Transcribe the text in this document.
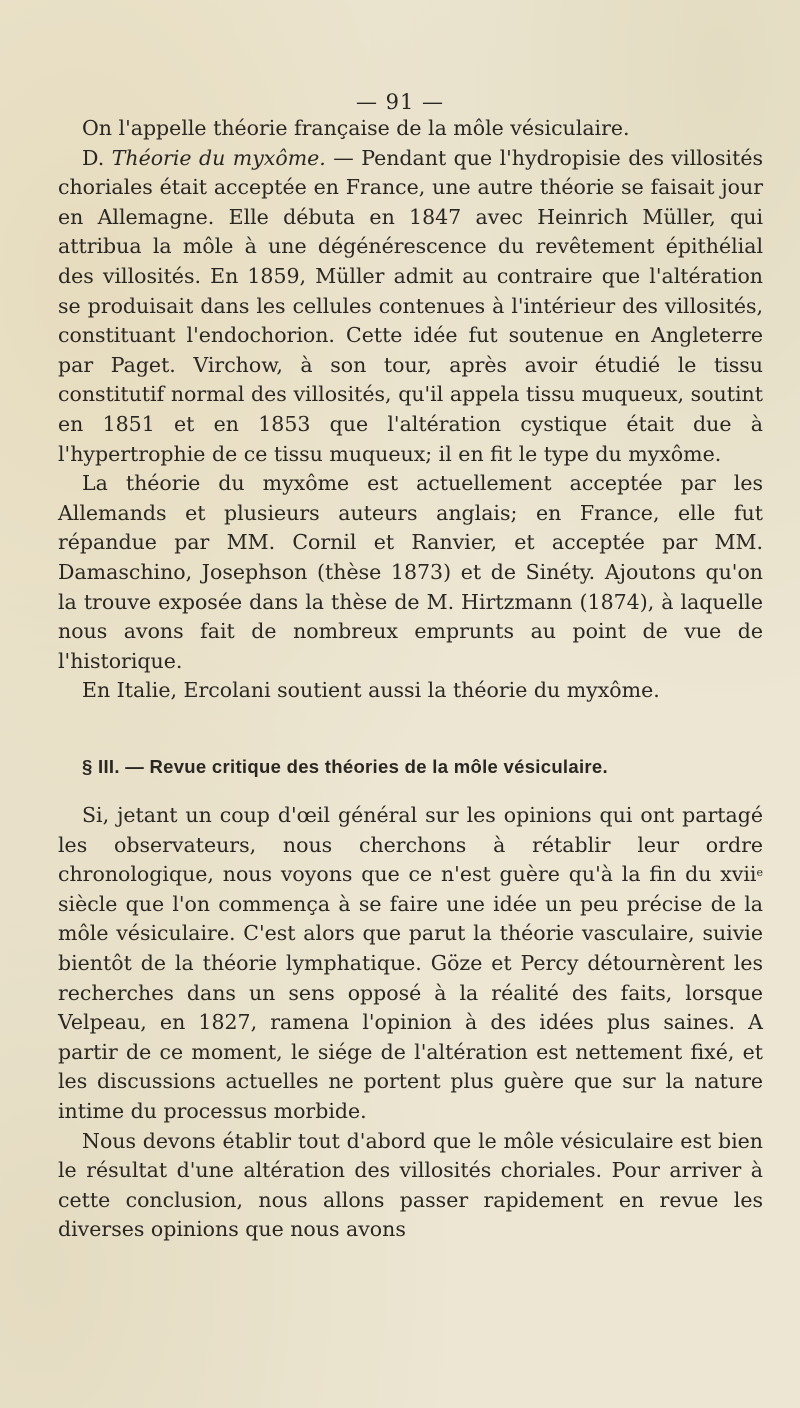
— 91 —

On l'appelle théorie française de la môle vésiculaire.

D. Théorie du myxôme. — Pendant que l'hydropisie des villosités choriales était acceptée en France, une autre théorie se faisait jour en Allemagne. Elle débuta en 1847 avec Heinrich Müller, qui attribua la môle à une dégénérescence du revêtement épithélial des villosités. En 1859, Müller admit au contraire que l'altération se produisait dans les cellules contenues à l'intérieur des villosités, constituant l'endochorion. Cette idée fut soutenue en Angleterre par Paget. Virchow, à son tour, après avoir étudié le tissu constitutif normal des villosités, qu'il appela tissu muqueux, soutint en 1851 et en 1853 que l'altération cystique était due à l'hypertrophie de ce tissu muqueux; il en fit le type du myxôme.

La théorie du myxôme est actuellement acceptée par les Allemands et plusieurs auteurs anglais; en France, elle fut répandue par MM. Cornil et Ranvier, et acceptée par MM. Damaschino, Josephson (thèse 1873) et de Sinéty. Ajoutons qu'on la trouve exposée dans la thèse de M. Hirtzmann (1874), à laquelle nous avons fait de nombreux emprunts au point de vue de l'historique.

En Italie, Ercolani soutient aussi la théorie du myxôme.

§ III. — Revue critique des théories de la môle vésiculaire.

Si, jetant un coup d'œil général sur les opinions qui ont partagé les observateurs, nous cherchons à rétablir leur ordre chronologique, nous voyons que ce n'est guère qu'à la fin du xvii$^e$ siècle que l'on commença à se faire une idée un peu précise de la môle vésiculaire. C'est alors que parut la théorie vasculaire, suivie bientôt de la théorie lymphatique. Göze et Percy détournèrent les recherches dans un sens opposé à la réalité des faits, lorsque Velpeau, en 1827, ramena l'opinion à des idées plus saines. A partir de ce moment, le siége de l'altération est nettement fixé, et les discussions actuelles ne portent plus guère que sur la nature intime du processus morbide.

Nous devons établir tout d'abord que le môle vésiculaire est bien le résultat d'une altération des villosités choriales. Pour arriver à cette conclusion, nous allons passer rapidement en revue les diverses opinions que nous avons
